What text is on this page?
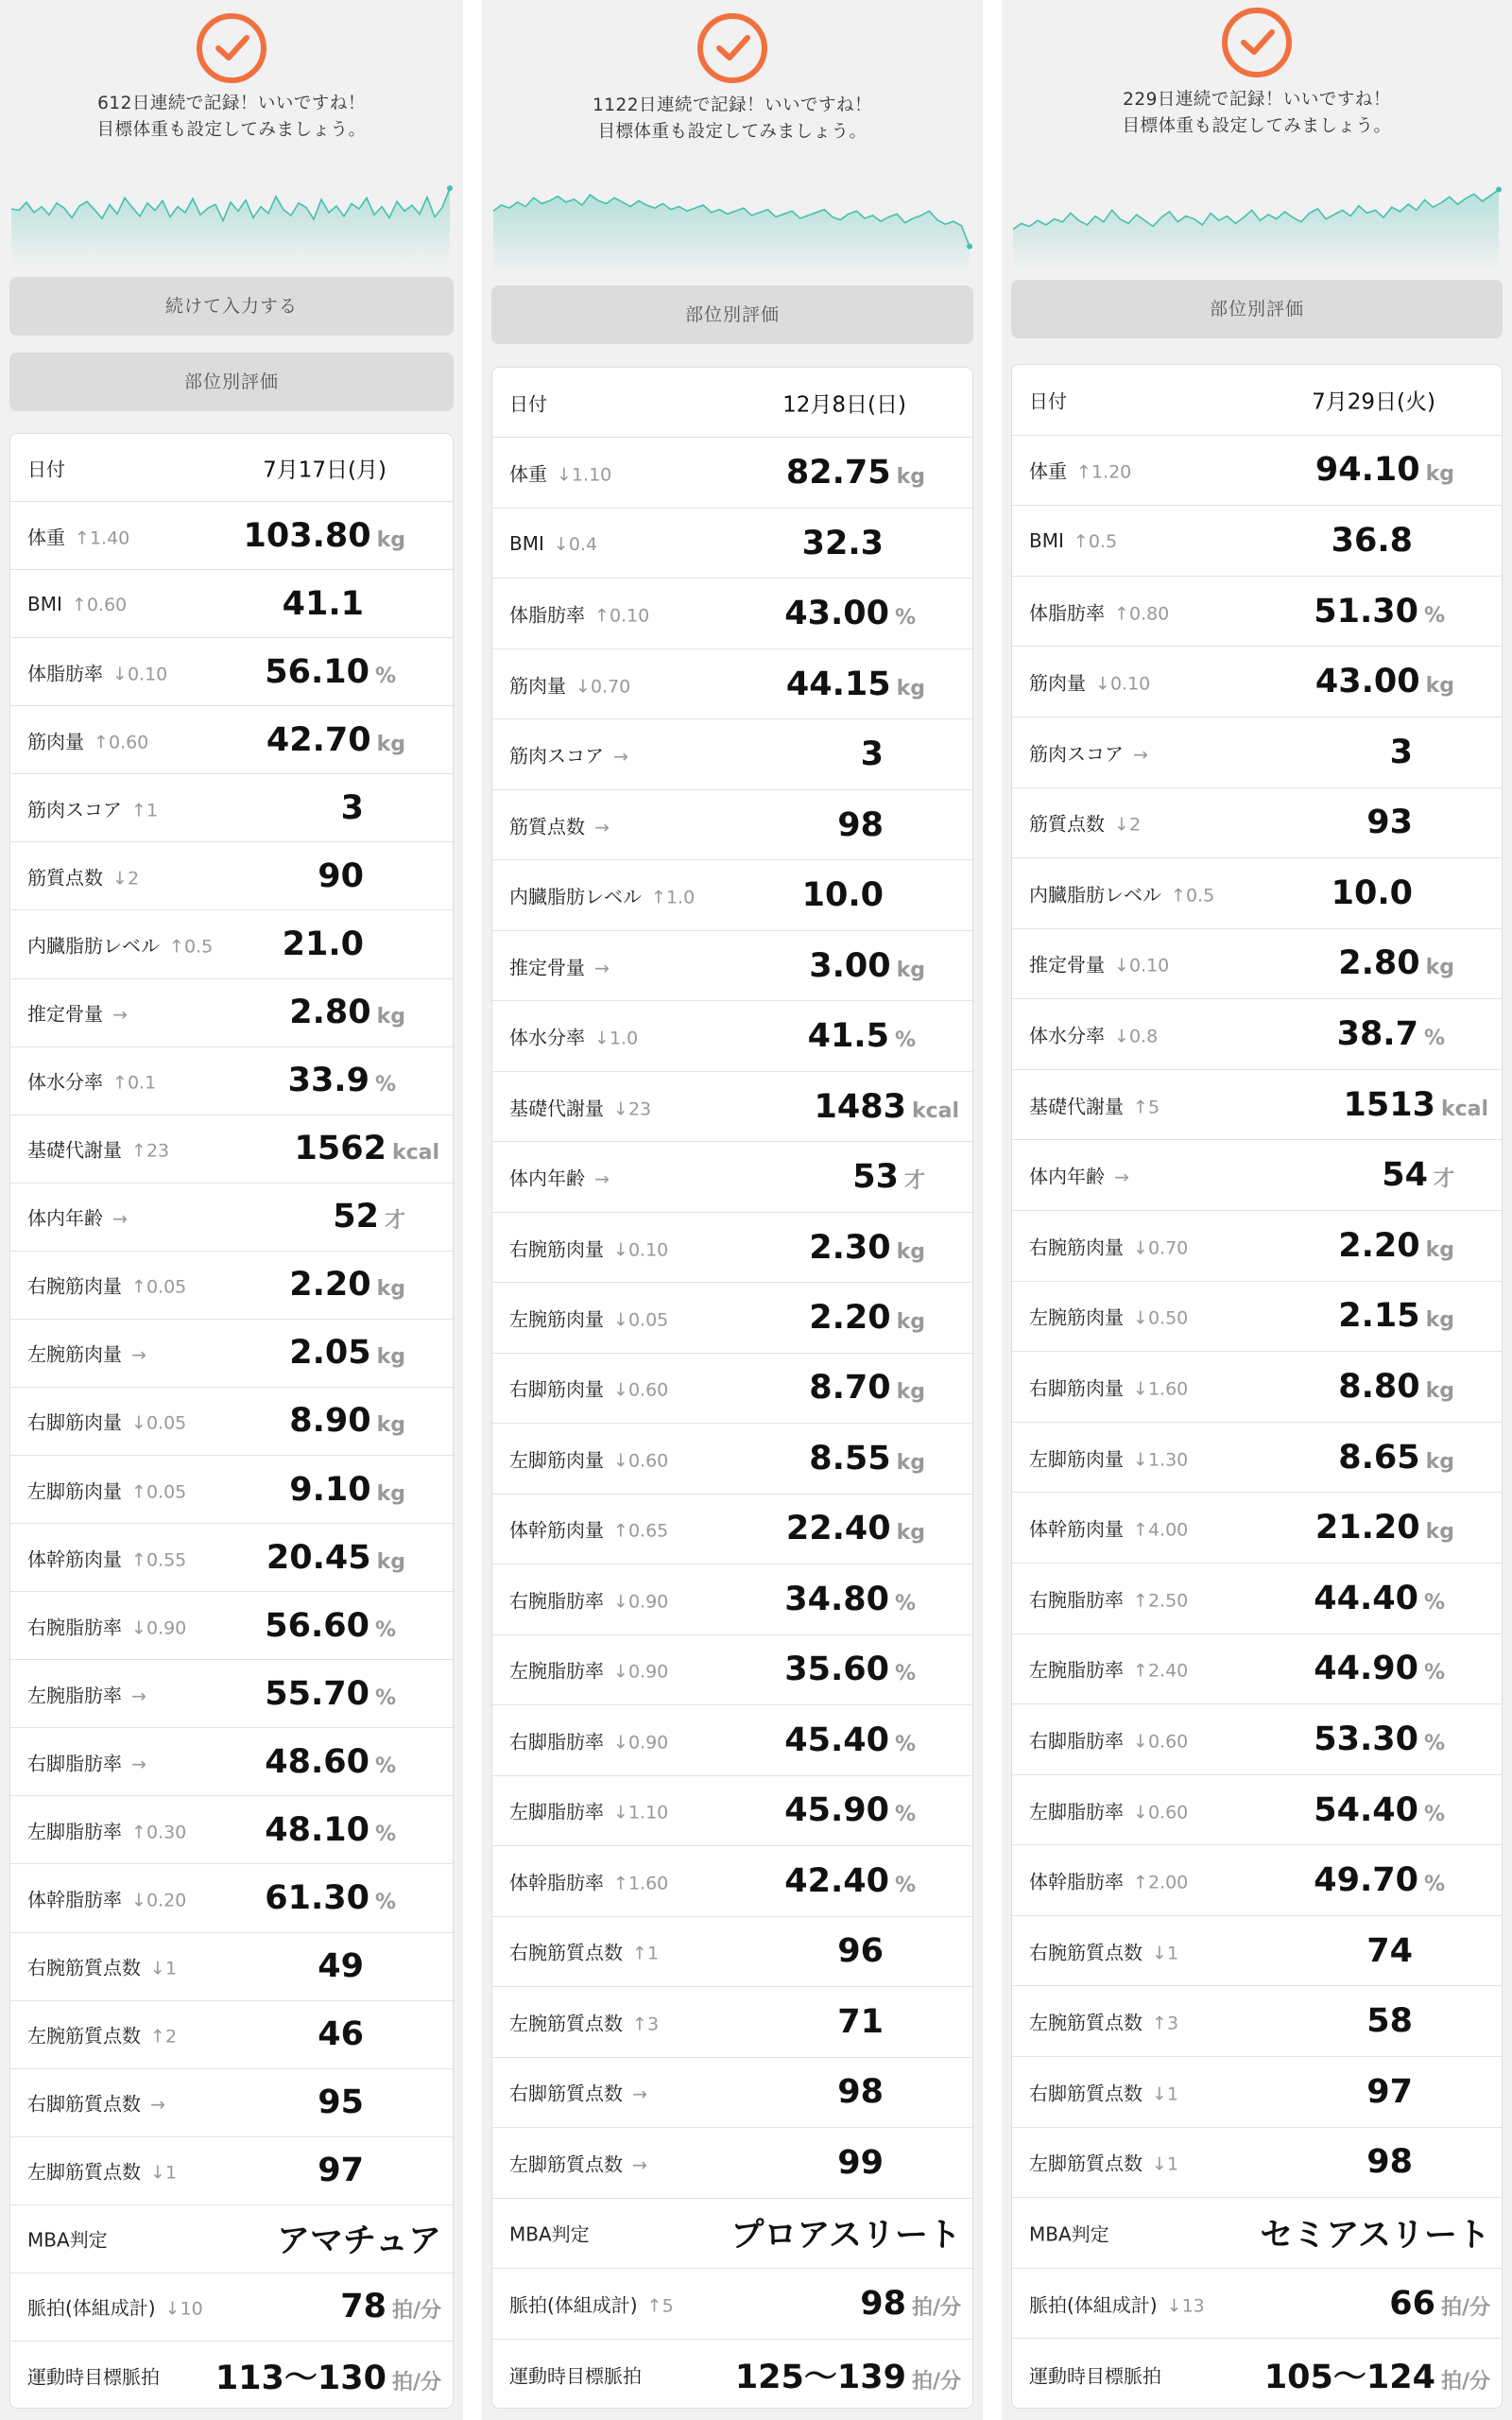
612日連続で記録！いいですね！
目標体重も設定してみましょう。
続けて入力する
部位別評価
日付	7月17日(月)
体重 ↑1.40	103.80 kg
BMI ↑0.60	41.1
体脂肪率 ↓0.10	56.10 %
筋肉量 ↑0.60	42.70 kg
筋肉スコア ↑1	3
筋質点数 ↓2	90
内臓脂肪レベル ↑0.5 21.0
推定骨量 →	2.80 kg
体水分率 ↑0.1	33.9 %
基礎代謝量 ↑23	1562 kcal
体内年齢 →	52 才
右腕筋肉量 ↑0.05	2.20 kg
左腕筋肉量 →	2.05 kg
右脚筋肉量 ↓0.05	8.90 kg
左脚筋肉量 ↑0.05	9.10 kg
体幹筋肉量 ↑0.55 20.45 kg
右腕脂肪率 ↓0.90 56.60 %
左腕脂肪率 →	55.70 %
右脚脂肪率 →	48.60 %
左脚脂肪率 ↑0.30 48.10 %
体幹脂肪率 ↓0.20 61.30 %
右腕筋質点数 ↓1	49
左腕筋質点数 ↑2	46
右脚筋質点数 →	95
左脚筋質点数 ↓1	97
MBA判定	アマチュア
脈拍(体組成計) ↓10	78 拍/分
運動時目標脈拍 113〜130 拍/分
1122日連続で記録！いいですね！
目標体重も設定してみましょう。
部位別評価
日付	12月8日(日)
体重 ↓1.10	82.75 kg
BMI ↓0.4	32.3
体脂肪率 ↑0.10	43.00 %
筋肉量 ↓0.70	44.15 kg
筋肉スコア →	3
筋質点数 →	98
内臓脂肪レベル ↑1.0	10.0
推定骨量 →	3.00 kg
体水分率 ↓1.0	41.5 %
基礎代謝量 ↓23	1483 kcal
体内年齢 →	53 才
右腕筋肉量 ↓0.10	2.30 kg
左腕筋肉量 ↓0.05	2.20 kg
右脚筋肉量 ↓0.60	8.70 kg
左脚筋肉量 ↓0.60	8.55 kg
体幹筋肉量 ↑0.65	22.40 kg
右腕脂肪率 ↓0.90	34.80 %
左腕脂肪率 ↓0.90	35.60 %
右脚脂肪率 ↓0.90	45.40 %
左脚脂肪率 ↓1.10	45.90 %
体幹脂肪率 ↑1.60	42.40 %
右腕筋質点数 ↑1	96
左腕筋質点数 ↑3	71
右脚筋質点数 →	98
左脚筋質点数 →	99
MBA判定	プロアスリート
脈拍(体組成計) ↑5	98 拍/分
運動時目標脈拍	125〜139 拍/分
229日連続で記録！いいですね！
目標体重も設定してみましょう。
部位別評価
日付	7月29日(火)
体重 ↑1.20	94.10 kg
BMI ↑0.5	36.8
体脂肪率 ↑0.80	51.30 %
筋肉量 ↓0.10	43.00 kg
筋肉スコア →	3
筋質点数 ↓2	93
内臓脂肪レベル ↑0.5	10.0
推定骨量 ↓0.10	2.80 kg
体水分率 ↓0.8	38.7 %
基礎代謝量 ↑5	1513 kcal
体内年齢 →	54 才
右腕筋肉量 ↓0.70	2.20 kg
左腕筋肉量 ↓0.50	2.15 kg
右脚筋肉量 ↓1.60	8.80 kg
左脚筋肉量 ↓1.30	8.65 kg
体幹筋肉量 ↑4.00	21.20 kg
右腕脂肪率 ↑2.50	44.40 %
左腕脂肪率 ↑2.40	44.90 %
右脚脂肪率 ↓0.60	53.30 %
左脚脂肪率 ↓0.60	54.40 %
体幹脂肪率 ↑2.00	49.70 %
右腕筋質点数 ↓1	74
左腕筋質点数 ↑3	58
右脚筋質点数 ↓1	97
左脚筋質点数 ↓1	98
MBA判定	セミアスリート
脈拍(体組成計) ↓13	66 拍/分
運動時目標脈拍	105〜124 拍/分
